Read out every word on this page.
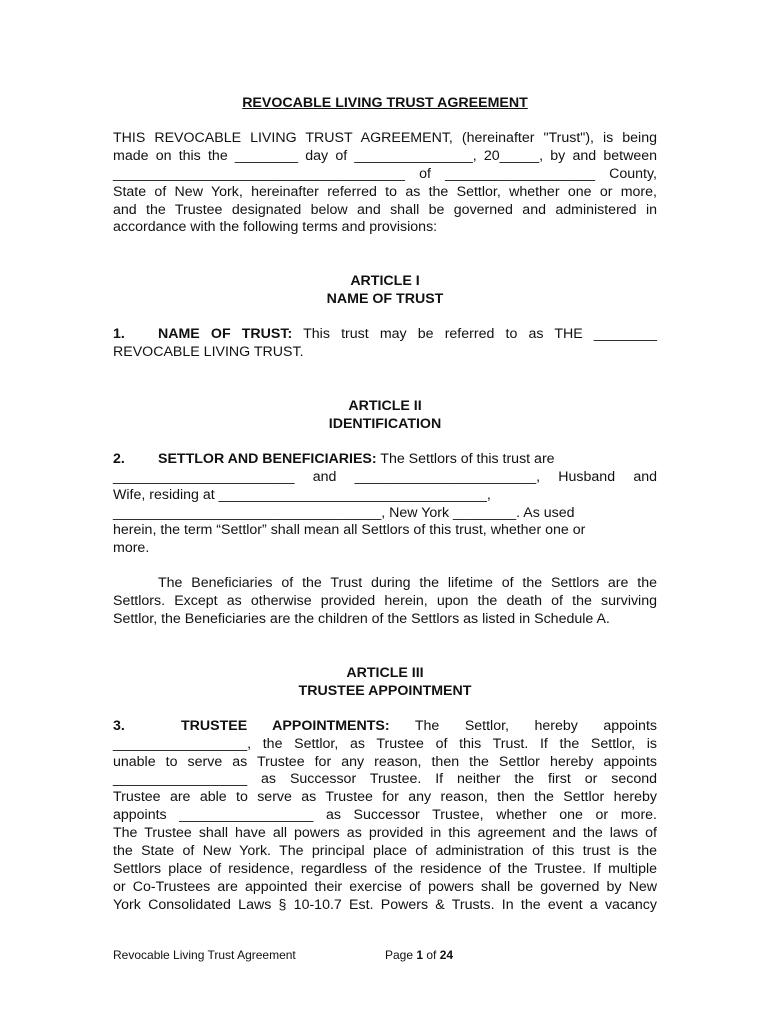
REVOCABLE LIVING TRUST AGREEMENT
THIS REVOCABLE LIVING TRUST AGREEMENT, (hereinafter "Trust"), is being
made on this the ________ day of _______________, 20_____, by and between
_____________________________________ of ___________________ County,
State of New York, hereinafter referred to as the Settlor, whether one or more,
and the Trustee designated below and shall be governed and administered in
accordance with the following terms and provisions:
ARTICLE I
NAME OF TRUST
1. NAME OF TRUST: This trust may be referred to as THE ________
REVOCABLE LIVING TRUST.
ARTICLE II
IDENTIFICATION
2. SETTLOR AND BENEFICIARIES: The Settlors of this trust are
_______________________ and _______________________, Husband and
Wife, residing at __________________________________,
__________________________________, New York ________. As used
herein, the term “Settlor” shall mean all Settlors of this trust, whether one or
more.
The Beneficiaries of the Trust during the lifetime of the Settlors are the
Settlors. Except as otherwise provided herein, upon the death of the surviving
Settlor, the Beneficiaries are the children of the Settlors as listed in Schedule A.
ARTICLE III
TRUSTEE APPOINTMENT
3.	TRUSTEE APPOINTMENTS: The Settlor, hereby appoints
_________________, the Settlor, as Trustee of this Trust. If the Settlor, is
unable to serve as Trustee for any reason, then the Settlor hereby appoints
_________________ as Successor Trustee. If neither the first or second
Trustee are able to serve as Trustee for any reason, then the Settlor hereby
appoints _________________ as Successor Trustee, whether one or more.
The Trustee shall have all powers as provided in this agreement and the laws of
the State of New York. The principal place of administration of this trust is the
Settlors place of residence, regardless of the residence of the Trustee. If multiple
or Co-Trustees are appointed their exercise of powers shall be governed by New
York Consolidated Laws § 10-10.7 Est. Powers & Trusts. In the event a vacancy
Revocable Living Trust Agreement	Page 1 of 24
